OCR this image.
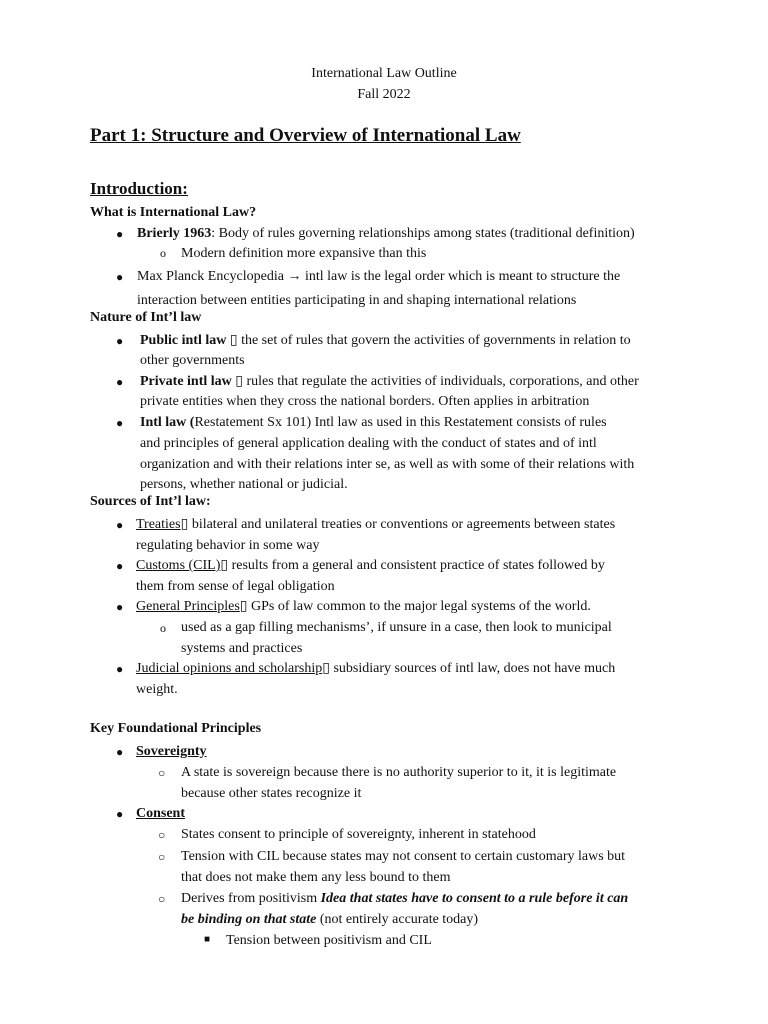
International Law Outline
Fall 2022
Part 1: Structure and Overview of International Law
Introduction:
What is International Law?
● Brierly 1963: Body of rules governing relationships among states (traditional definition)
o Modern definition more expansive than this
● Max Planck Encyclopedia → intl law is the legal order which is meant to structure the
interaction between entities participating in and shaping international relations
Nature of Int’l law
● Public intl law ▯ the set of rules that govern the activities of governments in relation to
other governments
● Private intl law ▯ rules that regulate the activities of individuals, corporations, and other
private entities when they cross the national borders. Often applies in arbitration
● Intl law (Restatement Sx 101) Intl law as used in this Restatement consists of rules
and principles of general application dealing with the conduct of states and of intl
organization and with their relations inter se, as well as with some of their relations with
persons, whether national or judicial.
Sources of Int’l law:
● Treaties▯ bilateral and unilateral treaties or conventions or agreements between states
regulating behavior in some way
● Customs (CIL)▯ results from a general and consistent practice of states followed by
them from sense of legal obligation
● General Principles▯ GPs of law common to the major legal systems of the world.
o used as a gap filling mechanisms’, if unsure in a case, then look to municipal
systems and practices
● Judicial opinions and scholarship▯ subsidiary sources of intl law, does not have much
weight.
Key Foundational Principles
● Sovereignty
○ A state is sovereign because there is no authority superior to it, it is legitimate
because other states recognize it
● Consent
○ States consent to principle of sovereignty, inherent in statehood
○ Tension with CIL because states may not consent to certain customary laws but
that does not make them any less bound to them
○ Derives from positivism Idea that states have to consent to a rule before it can
be binding on that state (not entirely accurate today)
■ Tension between positivism and CIL
